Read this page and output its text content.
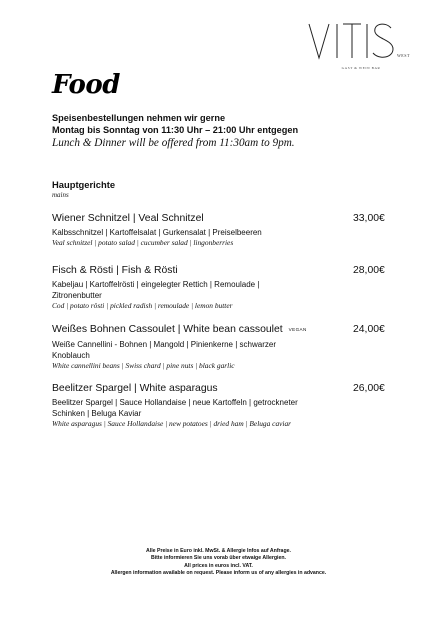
WEST
GAST & WEIN BAR
Food
Speisenbestellungen nehmen wir gerne
Montag bis Sonntag von 11:30 Uhr – 21:00 Uhr entgegen
Lunch & Dinner will be offered from 11:30am to 9pm.
Hauptgerichte
mains
Wiener Schnitzel | Veal Schnitzel	33,00€
Kalbsschnitzel | Kartoffelsalat | Gurkensalat | Preiselbeeren
Veal schnitzel | potato salad | cucumber salad | lingonberries
Fisch & Rösti | Fish & Rösti	28,00€
Kabeljau | Kartoffelrösti | eingelegter Rettich | Remoulade | Zitronenbutter
Cod | potato rösti | pickled radish | remoulade | lemon butter
Weißes Bohnen Cassoulet | White bean cassoulet VEGAN	24,00€
Weiße Cannellini - Bohnen | Mangold | Pinienkerne | schwarzer Knoblauch
White cannellini beans | Swiss chard | pine nuts | black garlic
Beelitzer Spargel | White asparagus	26,00€
Beelitzer Spargel | Sauce Hollandaise | neue Kartoffeln | getrockneter Schinken | Beluga Kaviar
White asparagus | Sauce Hollandaise | new potatoes | dried ham | Beluga caviar
Alle Preise in Euro inkl. MwSt. & Allergie Infos auf Anfrage.
Bitte informieren Sie uns vorab über etwaige Allergien.
All prices in euros incl. VAT.
Allergen information available on request. Please inform us of any allergies in advance.
